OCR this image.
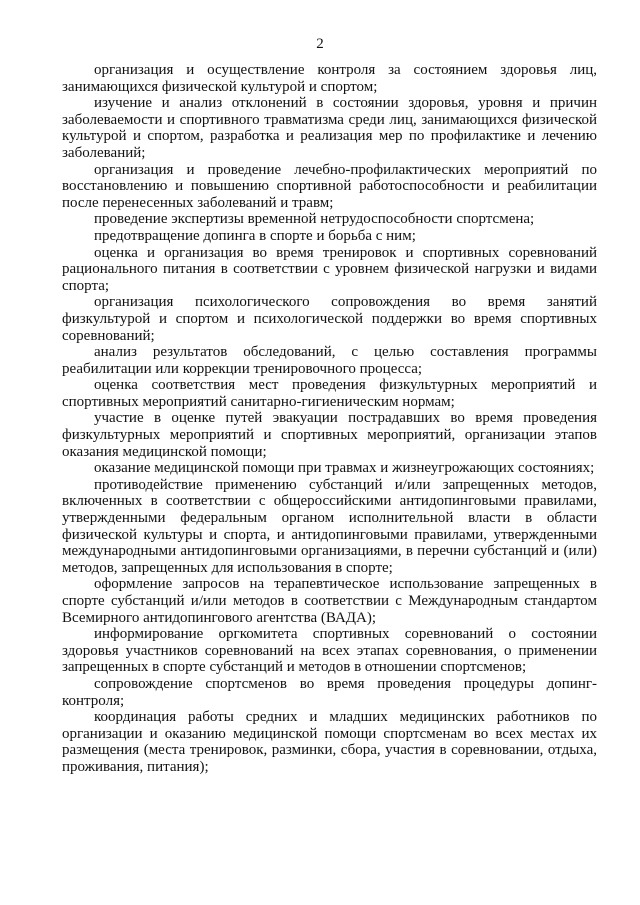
2

организация и осуществление контроля за состоянием здоровья лиц, занимающихся физической культурой и спортом;

изучение и анализ отклонений в состоянии здоровья, уровня и причин заболеваемости и спортивного травматизма среди лиц, занимающихся физической культурой и спортом, разработка и реализация мер по профилактике и лечению заболеваний;

организация и проведение лечебно-профилактических мероприятий по восстановлению и повышению спортивной работоспособности и реабилитации после перенесенных заболеваний и травм;

проведение экспертизы временной нетрудоспособности спортсмена;

предотвращение допинга в спорте и борьба с ним;

оценка и организация во время тренировок и спортивных соревнований рационального питания в соответствии с уровнем физической нагрузки и видами спорта;

организация психологического сопровождения во время занятий физкультурой и спортом и психологической поддержки во время спортивных соревнований;

анализ результатов обследований, с целью составления программы реабилитации или коррекции тренировочного процесса;

оценка соответствия мест проведения физкультурных мероприятий и спортивных мероприятий санитарно-гигиеническим нормам;

участие в оценке путей эвакуации пострадавших во время проведения физкультурных мероприятий и спортивных мероприятий, организации этапов оказания медицинской помощи;

оказание медицинской помощи при травмах и жизнеугрожающих состояниях;

противодействие применению субстанций и/или запрещенных методов, включенных в соответствии с общероссийскими антидопинговыми правилами, утвержденными федеральным органом исполнительной власти в области физической культуры и спорта, и антидопинговыми правилами, утвержденными международными антидопинговыми организациями, в перечни субстанций и (или) методов, запрещенных для использования в спорте;

оформление запросов на терапевтическое использование запрещенных в спорте субстанций и/или методов в соответствии с Международным стандартом Всемирного антидопингового агентства (ВАДА);

информирование оргкомитета спортивных соревнований о состоянии здоровья участников соревнований на всех этапах соревнования, о применении запрещенных в спорте субстанций и методов в отношении спортсменов;

сопровождение спортсменов во время проведения процедуры допинг-контроля;

координация работы средних и младших медицинских работников по организации и оказанию медицинской помощи спортсменам во всех местах их размещения (места тренировок, разминки, сбора, участия в соревновании, отдыха, проживания, питания);
